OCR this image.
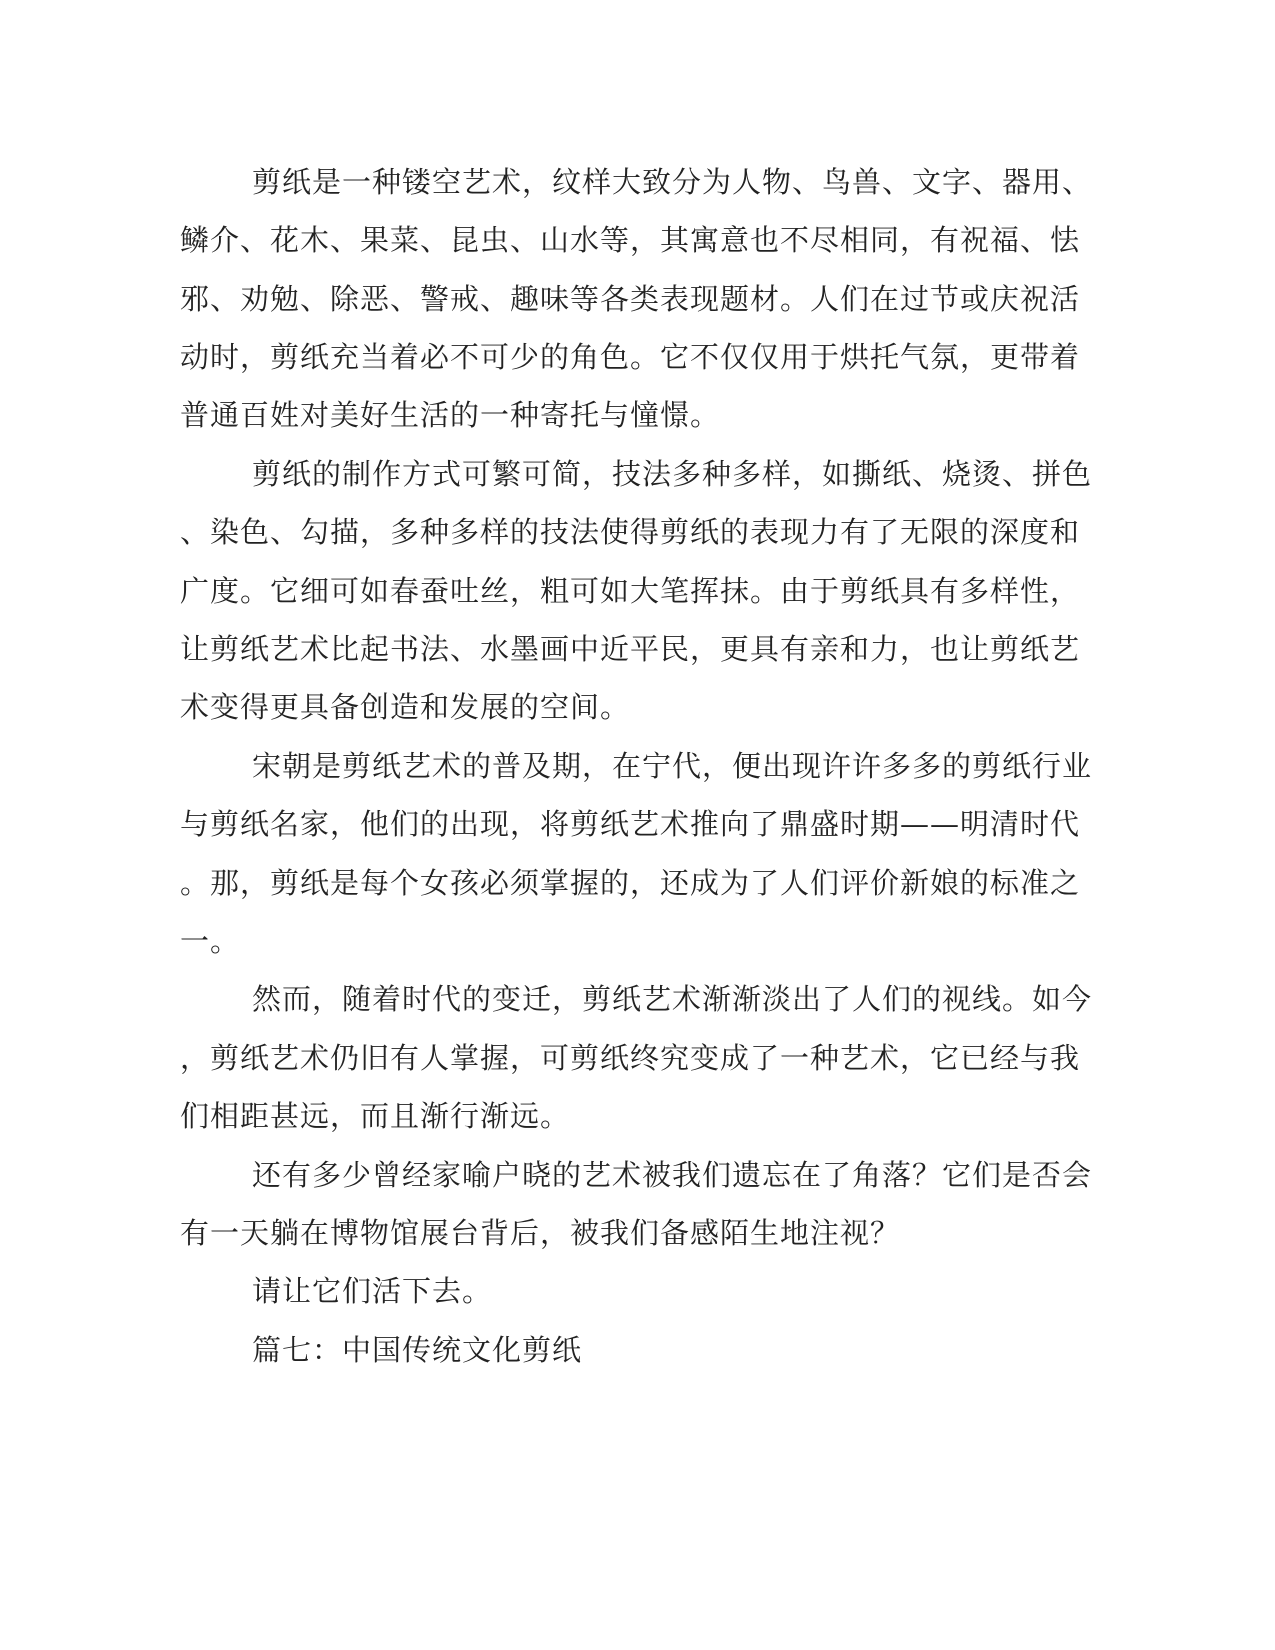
剪纸是一种镂空艺术，纹样大致分为人物、鸟兽、文字、器用、
鳞介、花木、果菜、昆虫、山水等，其寓意也不尽相同，有祝福、怯
邪、劝勉、除恶、警戒、趣味等各类表现题材。人们在过节或庆祝活
动时，剪纸充当着必不可少的角色。它不仅仅用于烘托气氛，更带着
普通百姓对美好生活的一种寄托与憧憬。
剪纸的制作方式可繁可简，技法多种多样，如撕纸、烧烫、拼色
、染色、勾描，多种多样的技法使得剪纸的表现力有了无限的深度和
广度。它细可如春蚕吐丝，粗可如大笔挥抹。由于剪纸具有多样性，
让剪纸艺术比起书法、水墨画中近平民，更具有亲和力，也让剪纸艺
术变得更具备创造和发展的空间。
宋朝是剪纸艺术的普及期，在宁代，便出现许许多多的剪纸行业
与剪纸名家，他们的出现，将剪纸艺术推向了鼎盛时期——明清时代
。那，剪纸是每个女孩必须掌握的，还成为了人们评价新娘的标准之
一。
然而，随着时代的变迁，剪纸艺术渐渐淡出了人们的视线。如今
，剪纸艺术仍旧有人掌握，可剪纸终究变成了一种艺术，它已经与我
们相距甚远，而且渐行渐远。
还有多少曾经家喻户晓的艺术被我们遗忘在了角落？它们是否会
有一天躺在博物馆展台背后，被我们备感陌生地注视？
请让它们活下去。
篇七：中国传统文化剪纸
